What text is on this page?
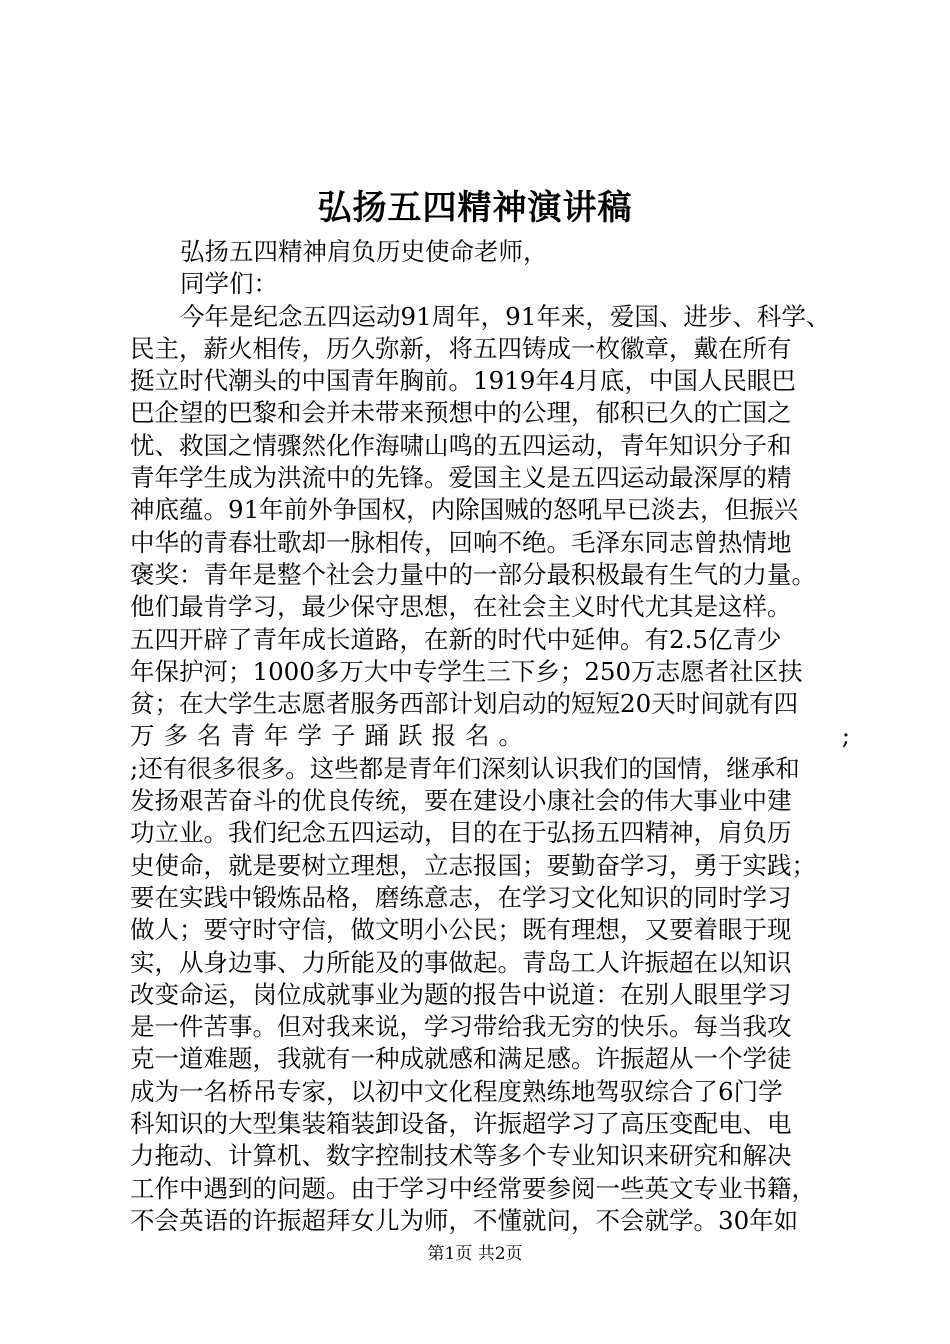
弘扬五四精神演讲稿
弘扬五四精神肩负历史使命老师，
同学们：
今年是纪念五四运动91周年，91年来，爱国、进步、科学、
民主，薪火相传，历久弥新，将五四铸成一枚徽章，戴在所有
挺立时代潮头的中国青年胸前。1919年4月底，中国人民眼巴
巴企望的巴黎和会并未带来预想中的公理，郁积已久的亡国之
忧、救国之情骤然化作海啸山鸣的五四运动，青年知识分子和
青年学生成为洪流中的先锋。爱国主义是五四运动最深厚的精
神底蕴。91年前外争国权，内除国贼的怒吼早已淡去，但振兴
中华的青春壮歌却一脉相传，回响不绝。毛泽东同志曾热情地
褒奖：青年是整个社会力量中的一部分最积极最有生气的力量。
他们最肯学习，最少保守思想，在社会主义时代尤其是这样。
五四开辟了青年成长道路，在新的时代中延伸。有2.5亿青少
年保护河；1000多万大中专学生三下乡；250万志愿者社区扶
贫；在大学生志愿者服务西部计划启动的短短20天时间就有四
万多名青年学子踊跃报名。	;
;还有很多很多。这些都是青年们深刻认识我们的国情，继承和
发扬艰苦奋斗的优良传统，要在建设小康社会的伟大事业中建
功立业。我们纪念五四运动，目的在于弘扬五四精神，肩负历
史使命，就是要树立理想，立志报国；要勤奋学习，勇于实践；
要在实践中锻炼品格，磨练意志，在学习文化知识的同时学习
做人；要守时守信，做文明小公民；既有理想，又要着眼于现
实，从身边事、力所能及的事做起。青岛工人许振超在以知识
改变命运，岗位成就事业为题的报告中说道：在别人眼里学习
是一件苦事。但对我来说，学习带给我无穷的快乐。每当我攻
克一道难题，我就有一种成就感和满足感。许振超从一个学徒
成为一名桥吊专家，以初中文化程度熟练地驾驭综合了6门学
科知识的大型集装箱装卸设备，许振超学习了高压变配电、电
力拖动、计算机、数字控制技术等多个专业知识来研究和解决
工作中遇到的问题。由于学习中经常要参阅一些英文专业书籍，
不会英语的许振超拜女儿为师，不懂就问，不会就学。30年如
第1页 共2页
